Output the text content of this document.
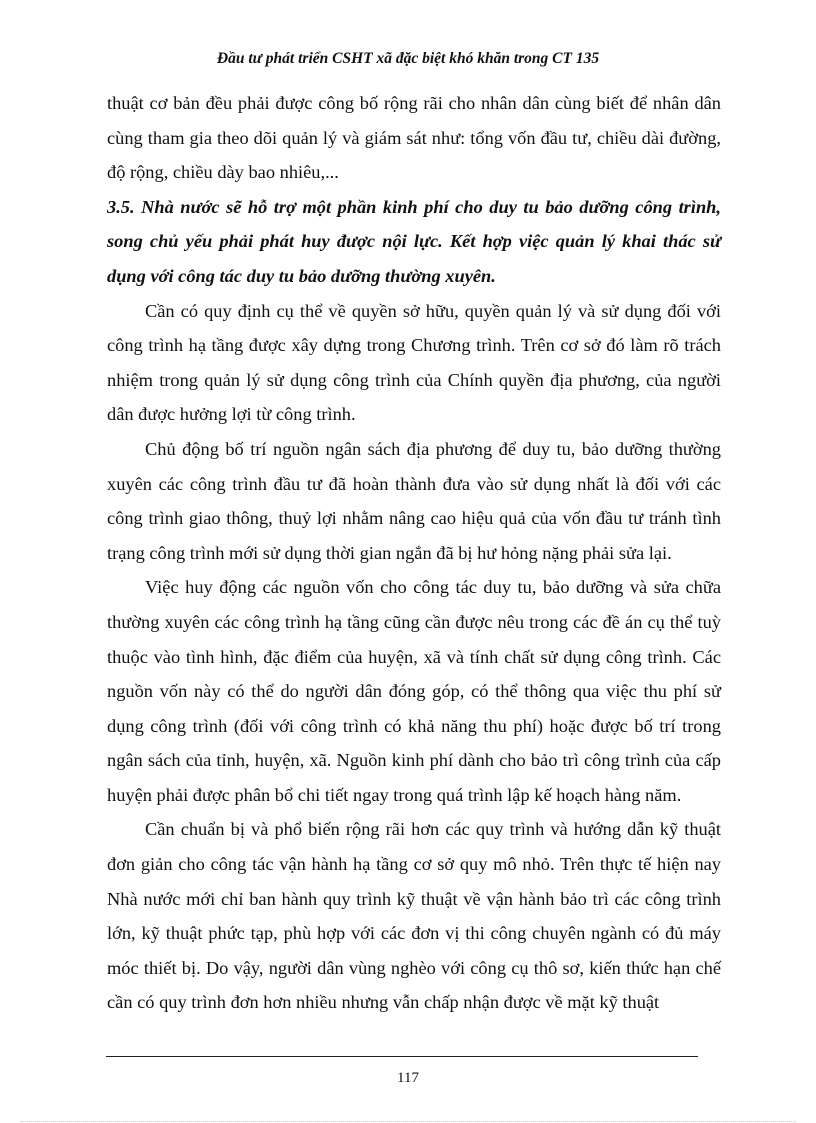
Đầu tư phát triển CSHT xã đặc biệt khó khăn trong CT 135

thuật cơ bản đều phải được công bố rộng rãi cho nhân dân cùng biết để nhân dân cùng tham gia theo dõi quản lý và giám sát như: tổng vốn đầu tư, chiều dài đường, độ rộng, chiều dày bao nhiêu,...

3.5. Nhà nước sẽ hỗ trợ một phần kinh phí cho duy tu bảo dưỡng công trình, song chủ yếu phải phát huy được nội lực. Kết hợp việc quản lý khai thác sử dụng với công tác duy tu bảo dưỡng thường xuyên.

Cần có quy định cụ thể về quyền sở hữu, quyền quản lý và sử dụng đối với công trình hạ tầng được xây dựng trong Chương trình. Trên cơ sở đó làm rõ trách nhiệm trong quản lý sử dụng công trình của Chính quyền địa phương, của người dân được hưởng lợi từ công trình.

Chủ động bố trí nguồn ngân sách địa phương để duy tu, bảo dưỡng thường xuyên các công trình đầu tư đã hoàn thành đưa vào sử dụng nhất là đối với các công trình giao thông, thuỷ lợi nhằm nâng cao hiệu quả của vốn đầu tư tránh tình trạng công trình mới sử dụng thời gian ngắn đã bị hư hỏng nặng phải sửa lại.

Việc huy động các nguồn vốn cho công tác duy tu, bảo dưỡng và sửa chữa thường xuyên các công trình hạ tầng cũng cần được nêu trong các đề án cụ thể tuỳ thuộc vào tình hình, đặc điểm của huyện, xã và tính chất sử dụng công trình. Các nguồn vốn này có thể do người dân đóng góp, có thể thông qua việc thu phí sử dụng công trình (đối với công trình có khả năng thu phí) hoặc được bố trí trong ngân sách của tỉnh, huyện, xã. Nguồn kinh phí dành cho bảo trì công trình của cấp huyện phải được phân bổ chi tiết ngay trong quá trình lập kế hoạch hàng năm.

Cần chuẩn bị và phổ biến rộng rãi hơn các quy trình và hướng dẫn kỹ thuật đơn giản cho công tác vận hành hạ tầng cơ sở quy mô nhỏ. Trên thực tế hiện nay Nhà nước mới chỉ ban hành quy trình kỹ thuật về vận hành bảo trì các công trình lớn, kỹ thuật phức tạp, phù hợp với các đơn vị thi công chuyên ngành có đủ máy móc thiết bị. Do vậy, người dân vùng nghèo với công cụ thô sơ, kiến thức hạn chế cần có quy trình đơn hơn nhiều nhưng vẫn chấp nhận được về mặt kỹ thuật

117
